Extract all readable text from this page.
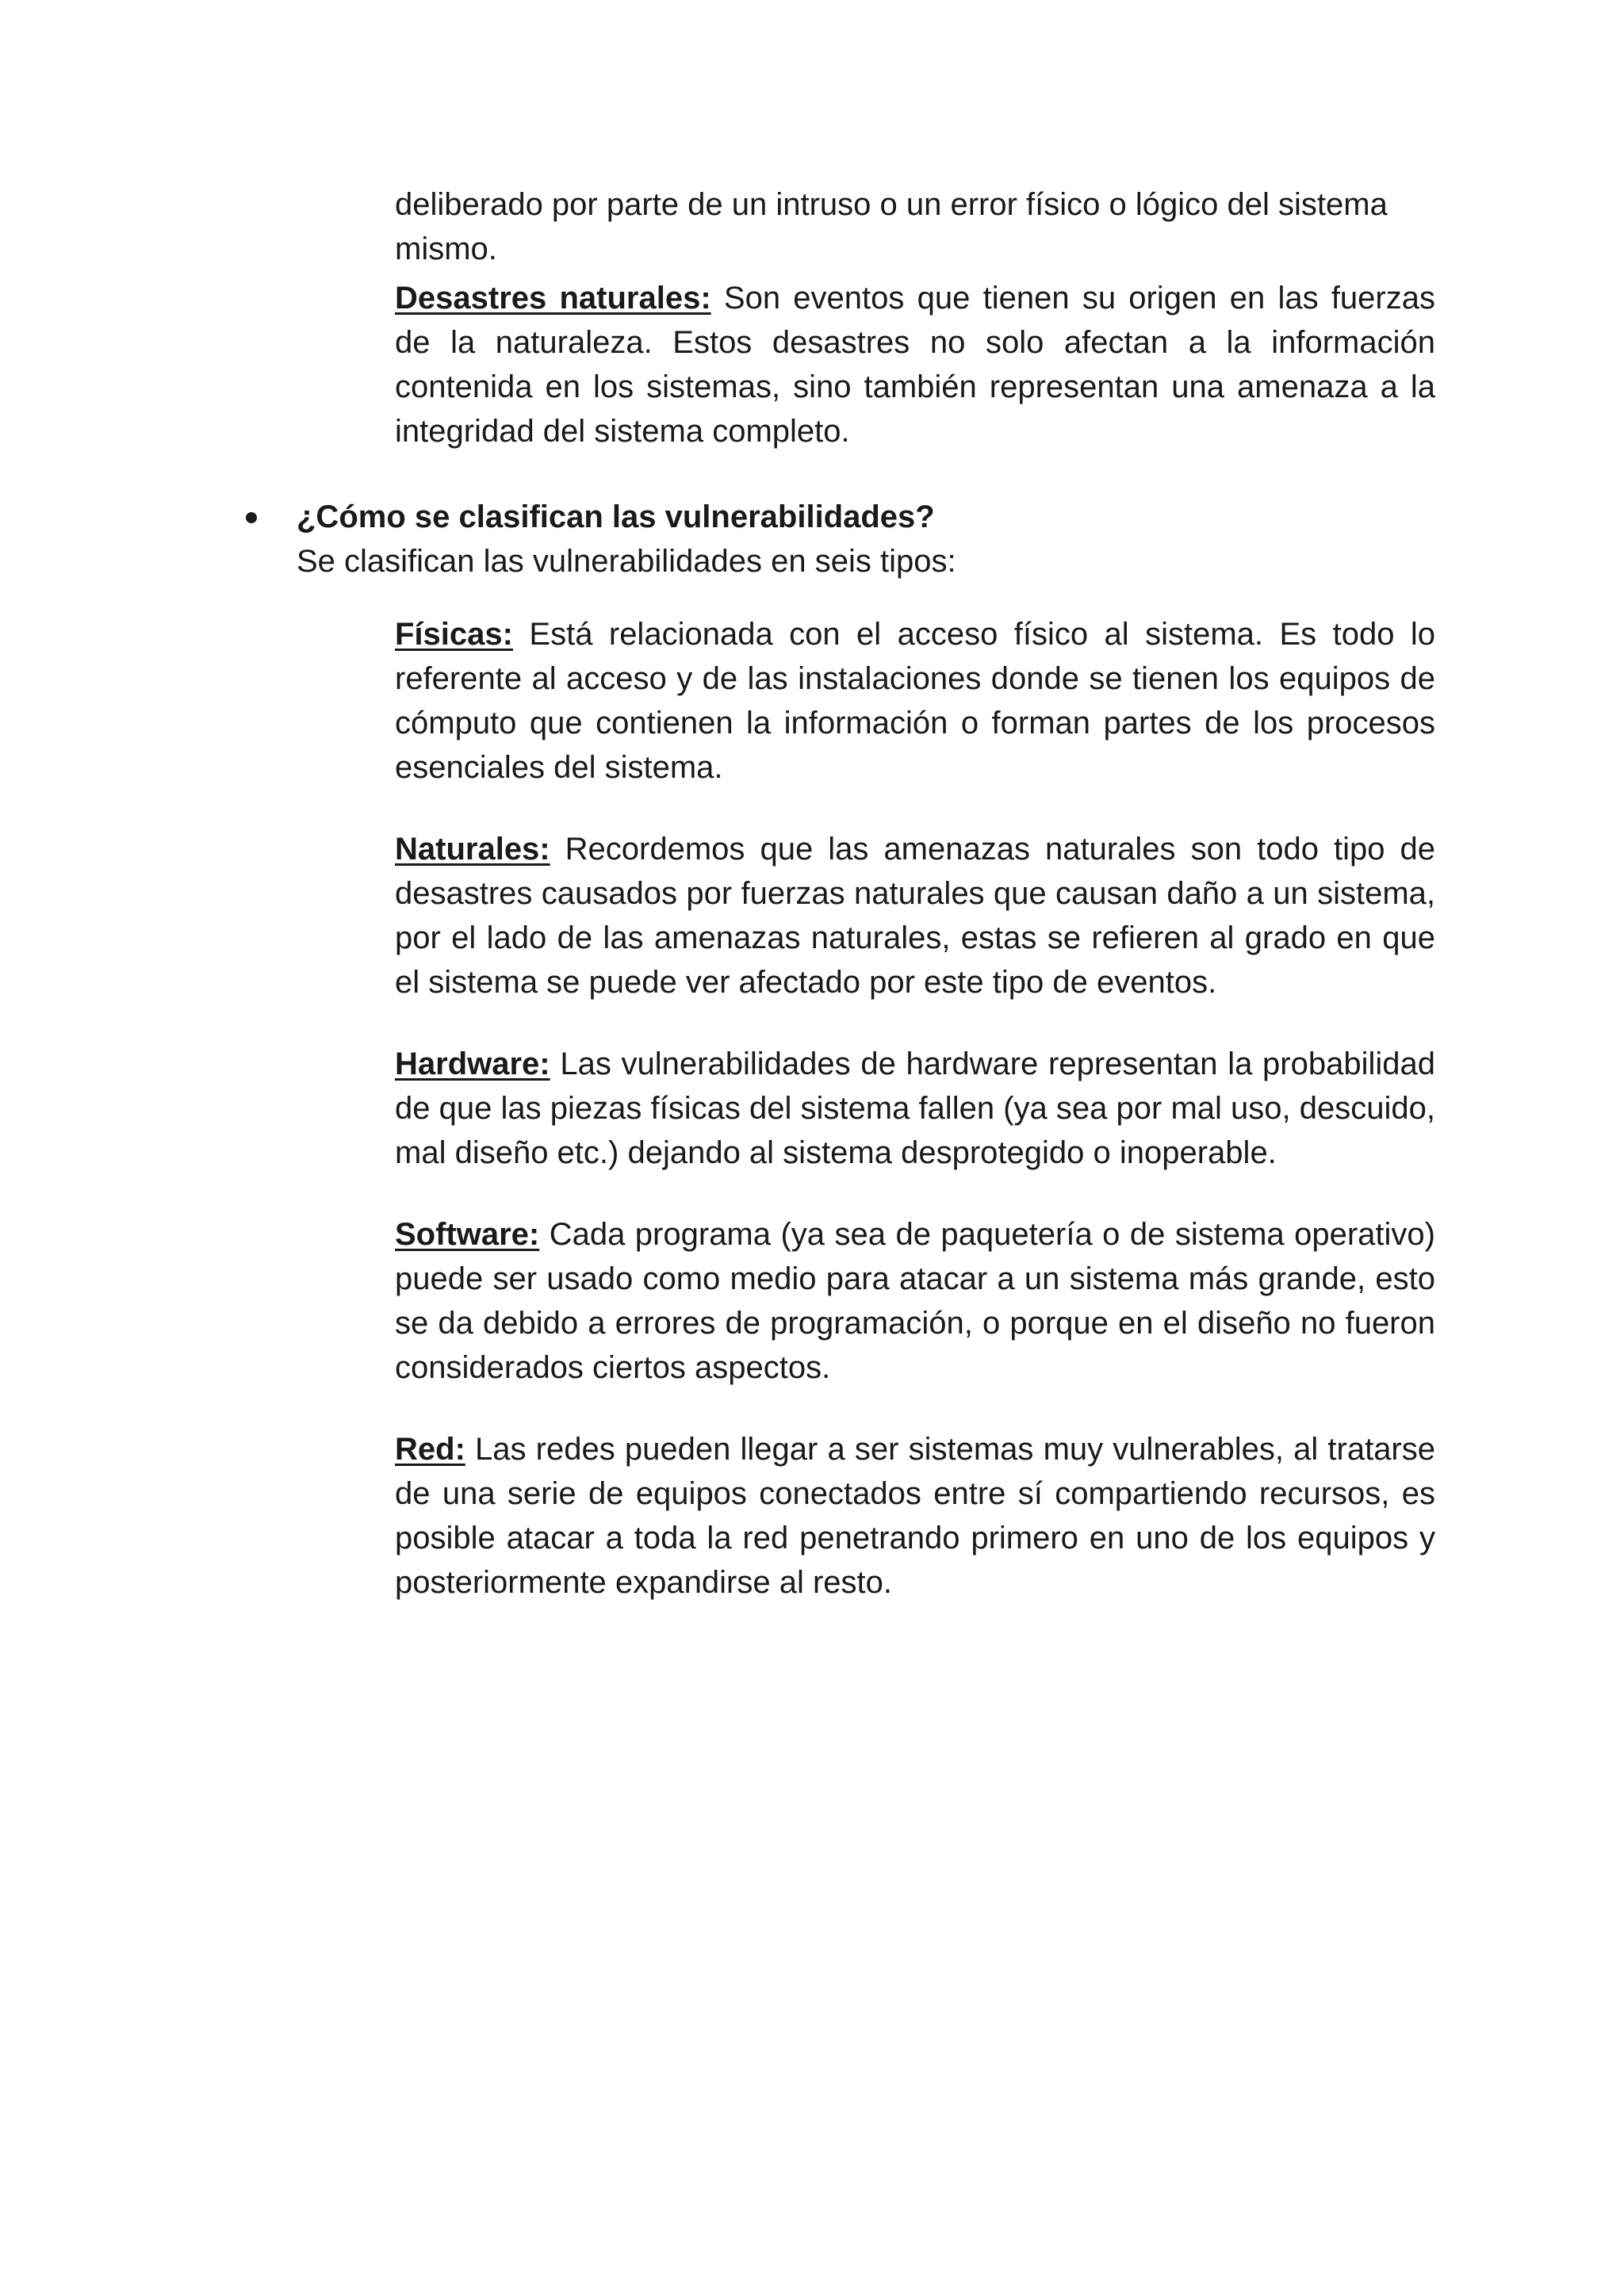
deliberado por parte de un intruso o un error físico o lógico del sistema mismo.

Desastres naturales: Son eventos que tienen su origen en las fuerzas de la naturaleza. Estos desastres no solo afectan a la información contenida en los sistemas, sino también representan una amenaza a la integridad del sistema completo.

¿Cómo se clasifican las vulnerabilidades?

Se clasifican las vulnerabilidades en seis tipos:

Físicas: Está relacionada con el acceso físico al sistema. Es todo lo referente al acceso y de las instalaciones donde se tienen los equipos de cómputo que contienen la información o forman partes de los procesos esenciales del sistema.

Naturales: Recordemos que las amenazas naturales son todo tipo de desastres causados por fuerzas naturales que causan daño a un sistema, por el lado de las amenazas naturales, estas se refieren al grado en que el sistema se puede ver afectado por este tipo de eventos.

Hardware: Las vulnerabilidades de hardware representan la probabilidad de que las piezas físicas del sistema fallen (ya sea por mal uso, descuido, mal diseño etc.) dejando al sistema desprotegido o inoperable.

Software: Cada programa (ya sea de paquetería o de sistema operativo) puede ser usado como medio para atacar a un sistema más grande, esto se da debido a errores de programación, o porque en el diseño no fueron considerados ciertos aspectos.

Red: Las redes pueden llegar a ser sistemas muy vulnerables, al tratarse de una serie de equipos conectados entre sí compartiendo recursos, es posible atacar a toda la red penetrando primero en uno de los equipos y posteriormente expandirse al resto.
